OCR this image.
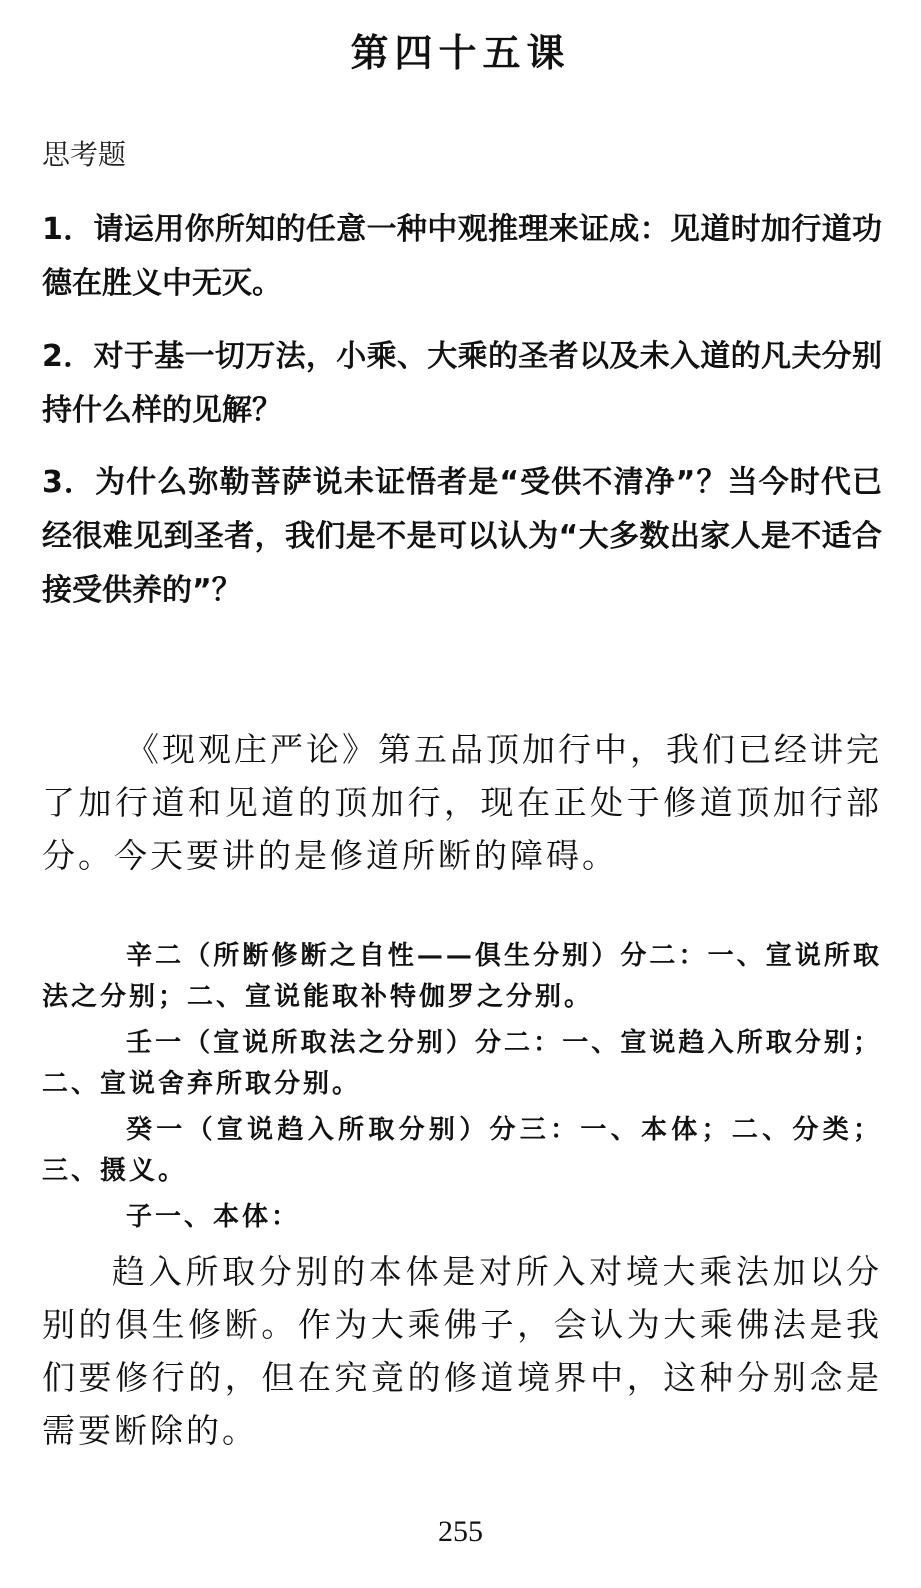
第四十五课
思考题
1．请运用你所知的任意一种中观推理来证成：见道时加行道功德在胜义中无灭。
2．对于基一切万法，小乘、大乘的圣者以及未入道的凡夫分别持什么样的见解？
3．为什么弥勒菩萨说未证悟者是“受供不清净”？当今时代已经很难见到圣者，我们是不是可以认为“大多数出家人是不适合接受供养的”？
《现观庄严论》第五品顶加行中，我们已经讲完了加行道和见道的顶加行，现在正处于修道顶加行部分。今天要讲的是修道所断的障碍。
辛二（所断修断之自性——俱生分别）分二：一、宣说所取法之分别；二、宣说能取补特伽罗之分别。
壬一（宣说所取法之分别）分二：一、宣说趋入所取分别；二、宣说舍弃所取分别。
癸一（宣说趋入所取分别）分三：一、本体；二、分类；三、摄义。
子一、本体：
趋入所取分别的本体是对所入对境大乘法加以分别的俱生修断。作为大乘佛子，会认为大乘佛法是我们要修行的，但在究竟的修道境界中，这种分别念是需要断除的。
255
